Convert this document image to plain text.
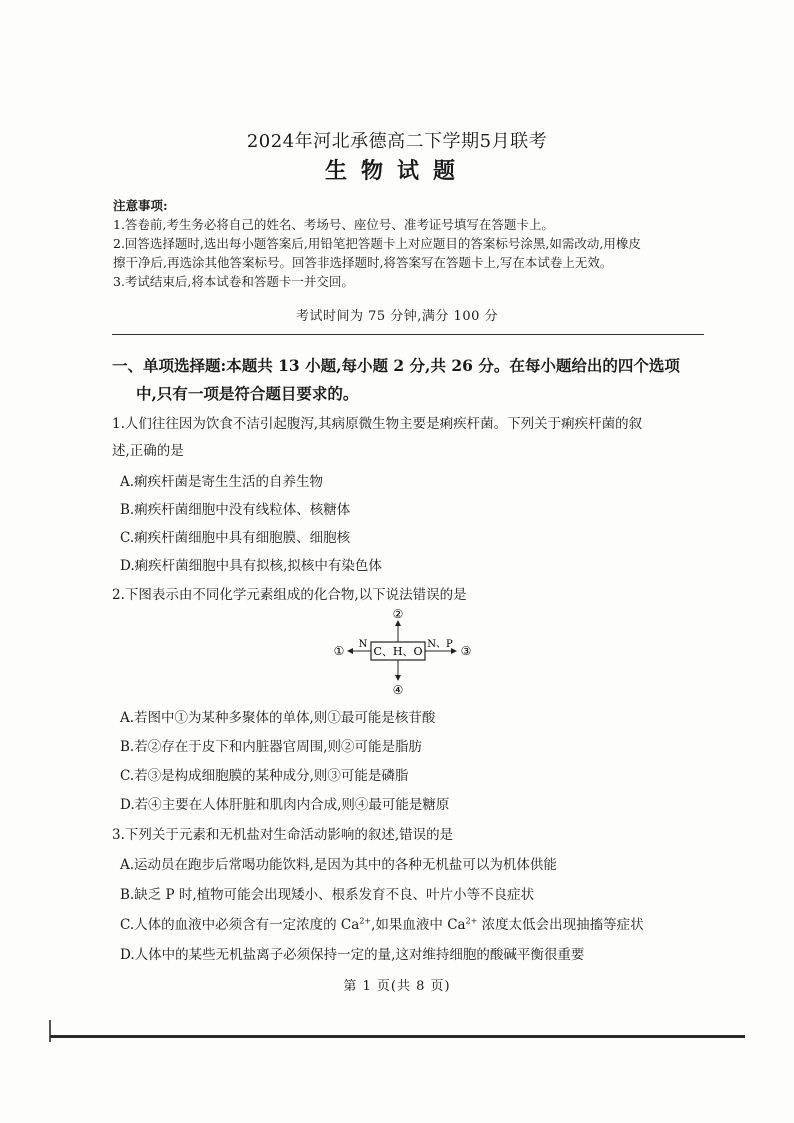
2024年河北承德高二下学期5月联考
生物试题
注意事项:
1.答卷前,考生务必将自己的姓名、考场号、座位号、准考证号填写在答题卡上。
2.回答选择题时,选出每小题答案后,用铅笔把答题卡上对应题目的答案标号涂黑,如需改动,用橡皮
擦干净后,再选涂其他答案标号。回答非选择题时,将答案写在答题卡上,写在本试卷上无效。
3.考试结束后,将本试卷和答题卡一并交回。
考试时间为 75 分钟,满分 100 分
一、单项选择题:本题共 13 小题,每小题 2 分,共 26 分。在每小题给出的四个选项
中,只有一项是符合题目要求的。
1.人们往往因为饮食不洁引起腹泻,其病原微生物主要是痢疾杆菌。下列关于痢疾杆菌的叙
述,正确的是
A.痢疾杆菌是寄生生活的自养生物
B.痢疾杆菌细胞中没有线粒体、核糖体
C.痢疾杆菌细胞中具有细胞膜、细胞核
D.痢疾杆菌细胞中具有拟核,拟核中有染色体
2.下图表示由不同化学元素组成的化合物,以下说法错误的是
C、H、O
②
④
N
①	N、P ③
A.若图中①为某种多聚体的单体,则①最可能是核苷酸
B.若②存在于皮下和内脏器官周围,则②可能是脂肪
C.若③是构成细胞膜的某种成分,则③可能是磷脂
D.若④主要在人体肝脏和肌肉内合成,则④最可能是糖原
3.下列关于元素和无机盐对生命活动影响的叙述,错误的是
A.运动员在跑步后常喝功能饮料,是因为其中的各种无机盐可以为机体供能
B.缺乏 P 时,植物可能会出现矮小、根系发育不良、叶片小等不良症状
C.人体的血液中必须含有一定浓度的 $Ca^{2+}$,如果血液中 $Ca^{2+}$ 浓度太低会出现抽搐等症状
D.人体中的某些无机盐离子必须保持一定的量,这对维持细胞的酸碱平衡很重要
第 1 页(共 8 页)
